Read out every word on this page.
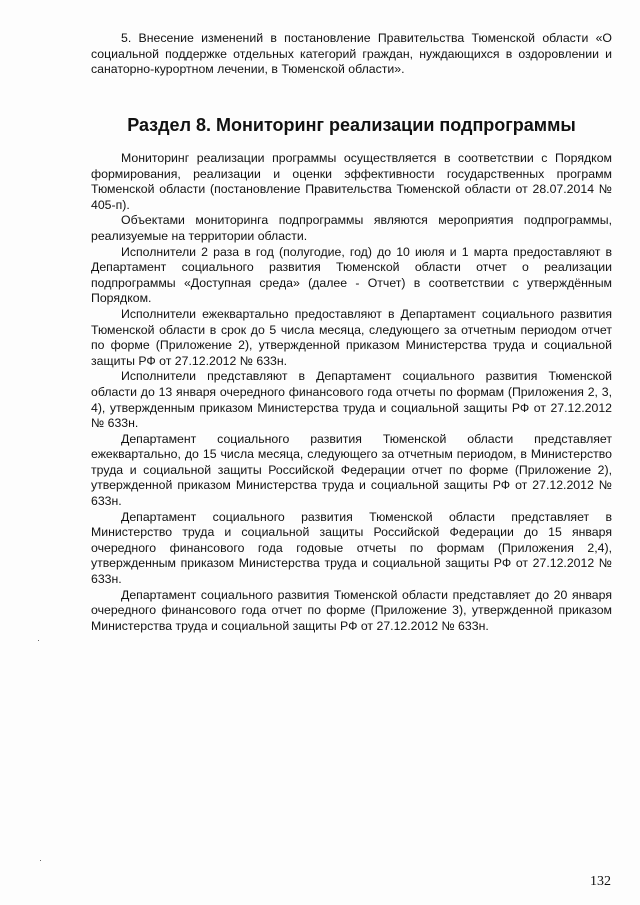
5. Внесение изменений в постановление Правительства Тюменской области «О социальной поддержке отдельных категорий граждан, нуждающихся в оздоровлении и санаторно-курортном лечении, в Тюменской области».

Раздел 8. Мониторинг реализации подпрограммы

Мониторинг реализации программы осуществляется в соответствии с Порядком формирования, реализации и оценки эффективности государственных программ Тюменской области (постановление Правительства Тюменской области от 28.07.2014 № 405-п).

Объектами мониторинга подпрограммы являются мероприятия подпрограммы, реализуемые на территории области.

Исполнители 2 раза в год (полугодие, год) до 10 июля и 1 марта предоставляют в Департамент социального развития Тюменской области отчет о реализации подпрограммы «Доступная среда» (далее - Отчет) в соответствии с утверждённым Порядком.

Исполнители ежеквартально предоставляют в Департамент социального развития Тюменской области в срок до 5 числа месяца, следующего за отчетным периодом отчет по форме (Приложение 2), утвержденной приказом Министерства труда и социальной защиты РФ от 27.12.2012 № 633н.

Исполнители представляют в Департамент социального развития Тюменской области до 13 января очередного финансового года отчеты по формам (Приложения 2, 3, 4), утвержденным приказом Министерства труда и социальной защиты РФ от 27.12.2012 № 633н.

Департамент социального развития Тюменской области представляет ежеквартально, до 15 числа месяца, следующего за отчетным периодом, в Министерство труда и социальной защиты Российской Федерации отчет по форме (Приложение 2), утвержденной приказом Министерства труда и социальной защиты РФ от 27.12.2012 № 633н.

Департамент социального развития Тюменской области представляет в Министерство труда и социальной защиты Российской Федерации до 15 января очередного финансового года годовые отчеты по формам (Приложения 2,4), утвержденным приказом Министерства труда и социальной защиты РФ от 27.12.2012 № 633н.

Департамент социального развития Тюменской области представляет до 20 января очередного финансового года отчет по форме (Приложение 3), утвержденной приказом Министерства труда и социальной защиты РФ от 27.12.2012 № 633н.

132
